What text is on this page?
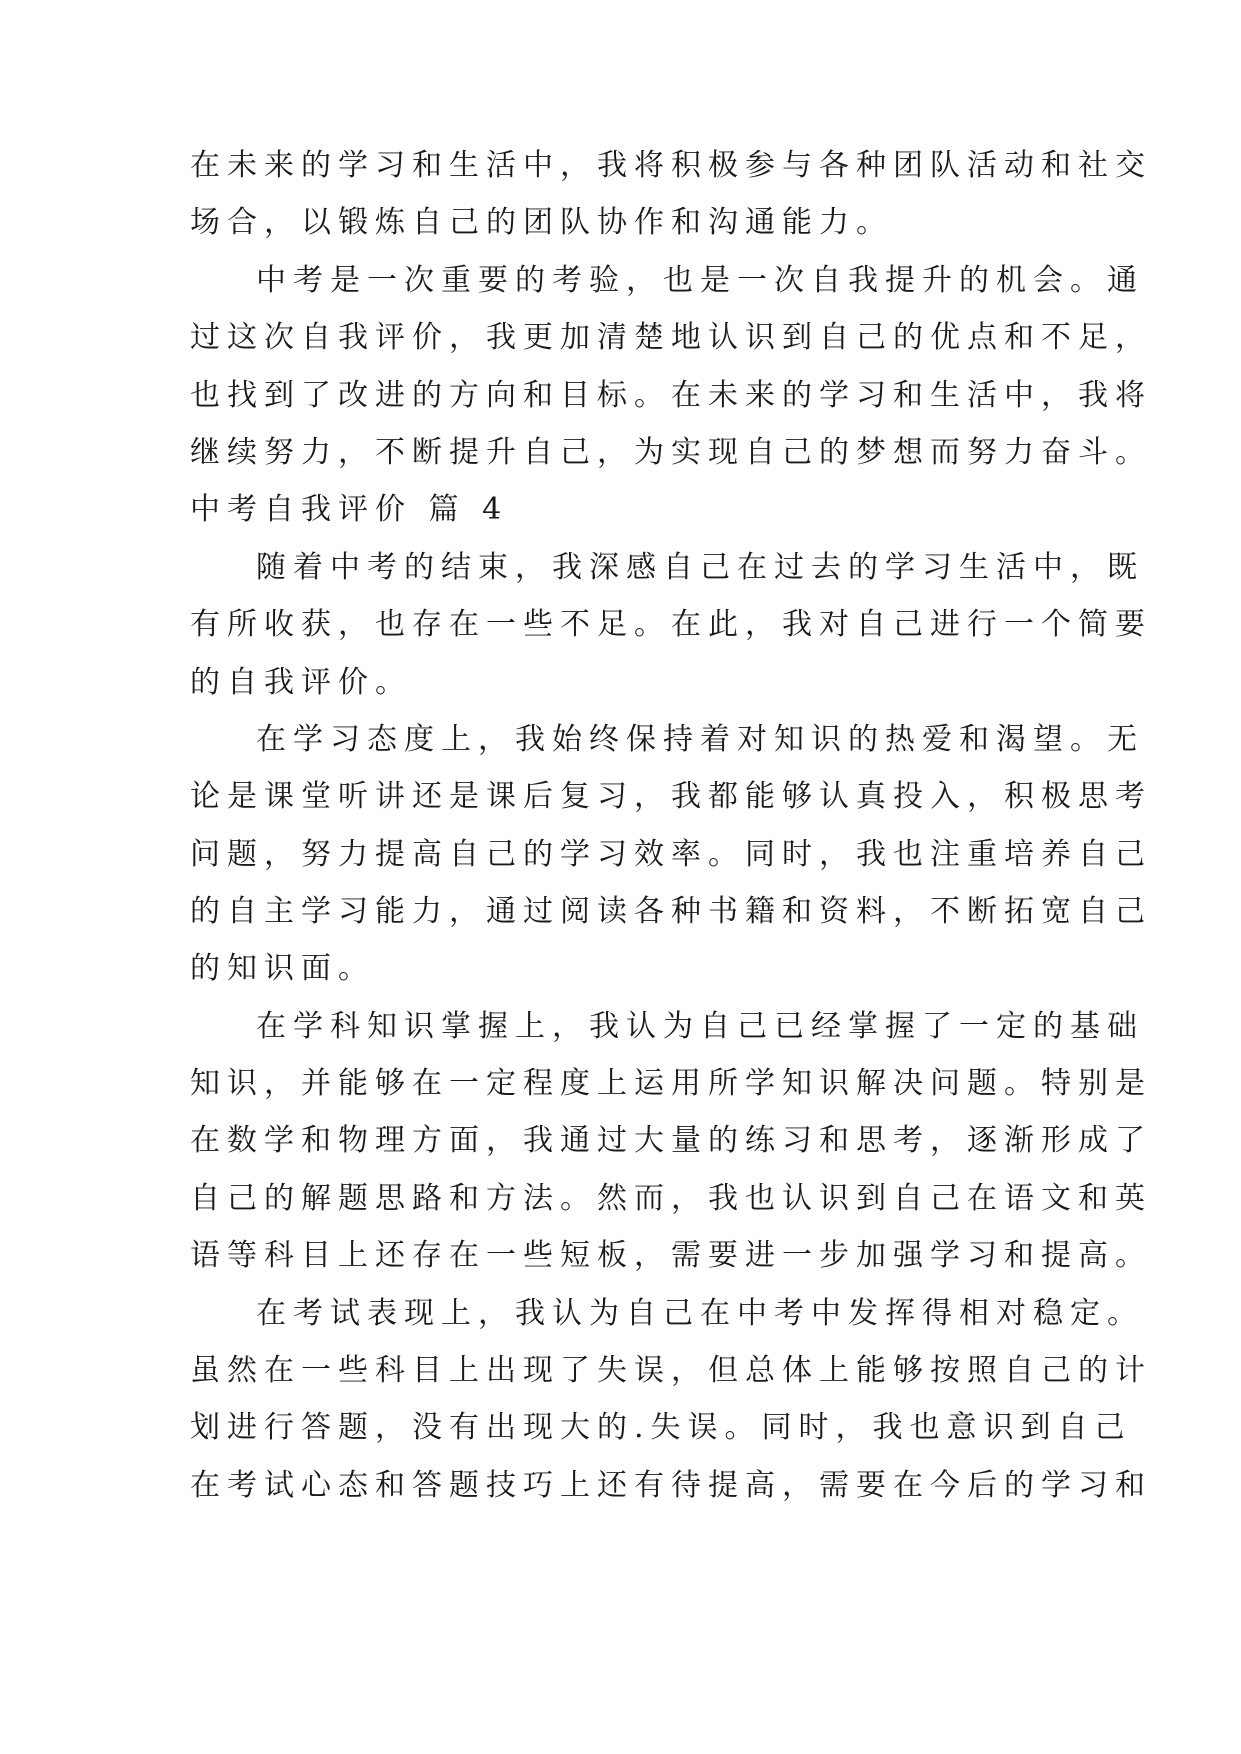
在未来的学习和生活中，我将积极参与各种团队活动和社交

场合，以锻炼自己的团队协作和沟通能力。

中考是一次重要的考验，也是一次自我提升的机会。通

过这次自我评价，我更加清楚地认识到自己的优点和不足，

也找到了改进的方向和目标。在未来的学习和生活中，我将

继续努力，不断提升自己，为实现自己的梦想而努力奋斗。

中考自我评价 篇 4

随着中考的结束，我深感自己在过去的学习生活中，既

有所收获，也存在一些不足。在此，我对自己进行一个简要

的自我评价。

在学习态度上，我始终保持着对知识的热爱和渴望。无

论是课堂听讲还是课后复习，我都能够认真投入，积极思考

问题，努力提高自己的学习效率。同时，我也注重培养自己

的自主学习能力，通过阅读各种书籍和资料，不断拓宽自己

的知识面。

在学科知识掌握上，我认为自己已经掌握了一定的基础

知识，并能够在一定程度上运用所学知识解决问题。特别是

在数学和物理方面，我通过大量的练习和思考，逐渐形成了

自己的解题思路和方法。然而，我也认识到自己在语文和英

语等科目上还存在一些短板，需要进一步加强学习和提高。

在考试表现上，我认为自己在中考中发挥得相对稳定。

虽然在一些科目上出现了失误，但总体上能够按照自己的计

划进行答题，没有出现大的.失误。同时，我也意识到自己

在考试心态和答题技巧上还有待提高，需要在今后的学习和
